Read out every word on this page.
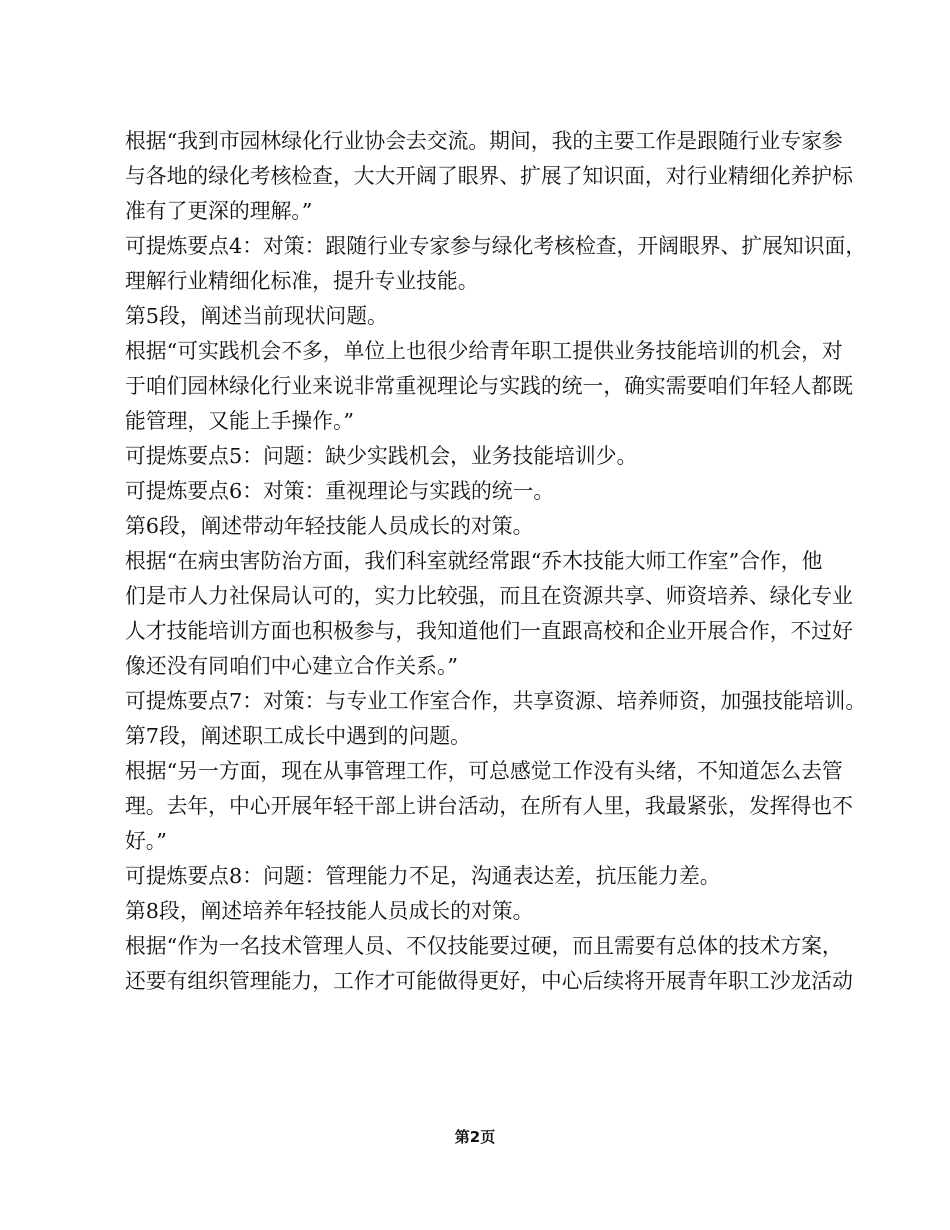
根据“我到市园林绿化行业协会去交流。期间，我的主要工作是跟随行业专家参
与各地的绿化考核检查，大大开阔了眼界、扩展了知识面，对行业精细化养护标
准有了更深的理解。”
可提炼要点4：对策：跟随行业专家参与绿化考核检查，开阔眼界、扩展知识面，
理解行业精细化标准，提升专业技能。
第5段，阐述当前现状问题。
根据“可实践机会不多，单位上也很少给青年职工提供业务技能培训的机会，对
于咱们园林绿化行业来说非常重视理论与实践的统一，确实需要咱们年轻人都既
能管理，又能上手操作。”
可提炼要点5：问题：缺少实践机会，业务技能培训少。
可提炼要点6：对策：重视理论与实践的统一。
第6段，阐述带动年轻技能人员成长的对策。
根据“在病虫害防治方面，我们科室就经常跟“乔木技能大师工作室”合作，他
们是市人力社保局认可的，实力比较强，而且在资源共享、师资培养、绿化专业
人才技能培训方面也积极参与，我知道他们一直跟高校和企业开展合作，不过好
像还没有同咱们中心建立合作关系。”
可提炼要点7：对策：与专业工作室合作，共享资源、培养师资，加强技能培训。
第7段，阐述职工成长中遇到的问题。
根据“另一方面，现在从事管理工作，可总感觉工作没有头绪，不知道怎么去管
理。去年，中心开展年轻干部上讲台活动，在所有人里，我最紧张，发挥得也不
好。”
可提炼要点8：问题：管理能力不足，沟通表达差，抗压能力差。
第8段，阐述培养年轻技能人员成长的对策。
根据“作为一名技术管理人员、不仅技能要过硬，而且需要有总体的技术方案，
还要有组织管理能力，工作才可能做得更好，中心后续将开展青年职工沙龙活动
第2页
